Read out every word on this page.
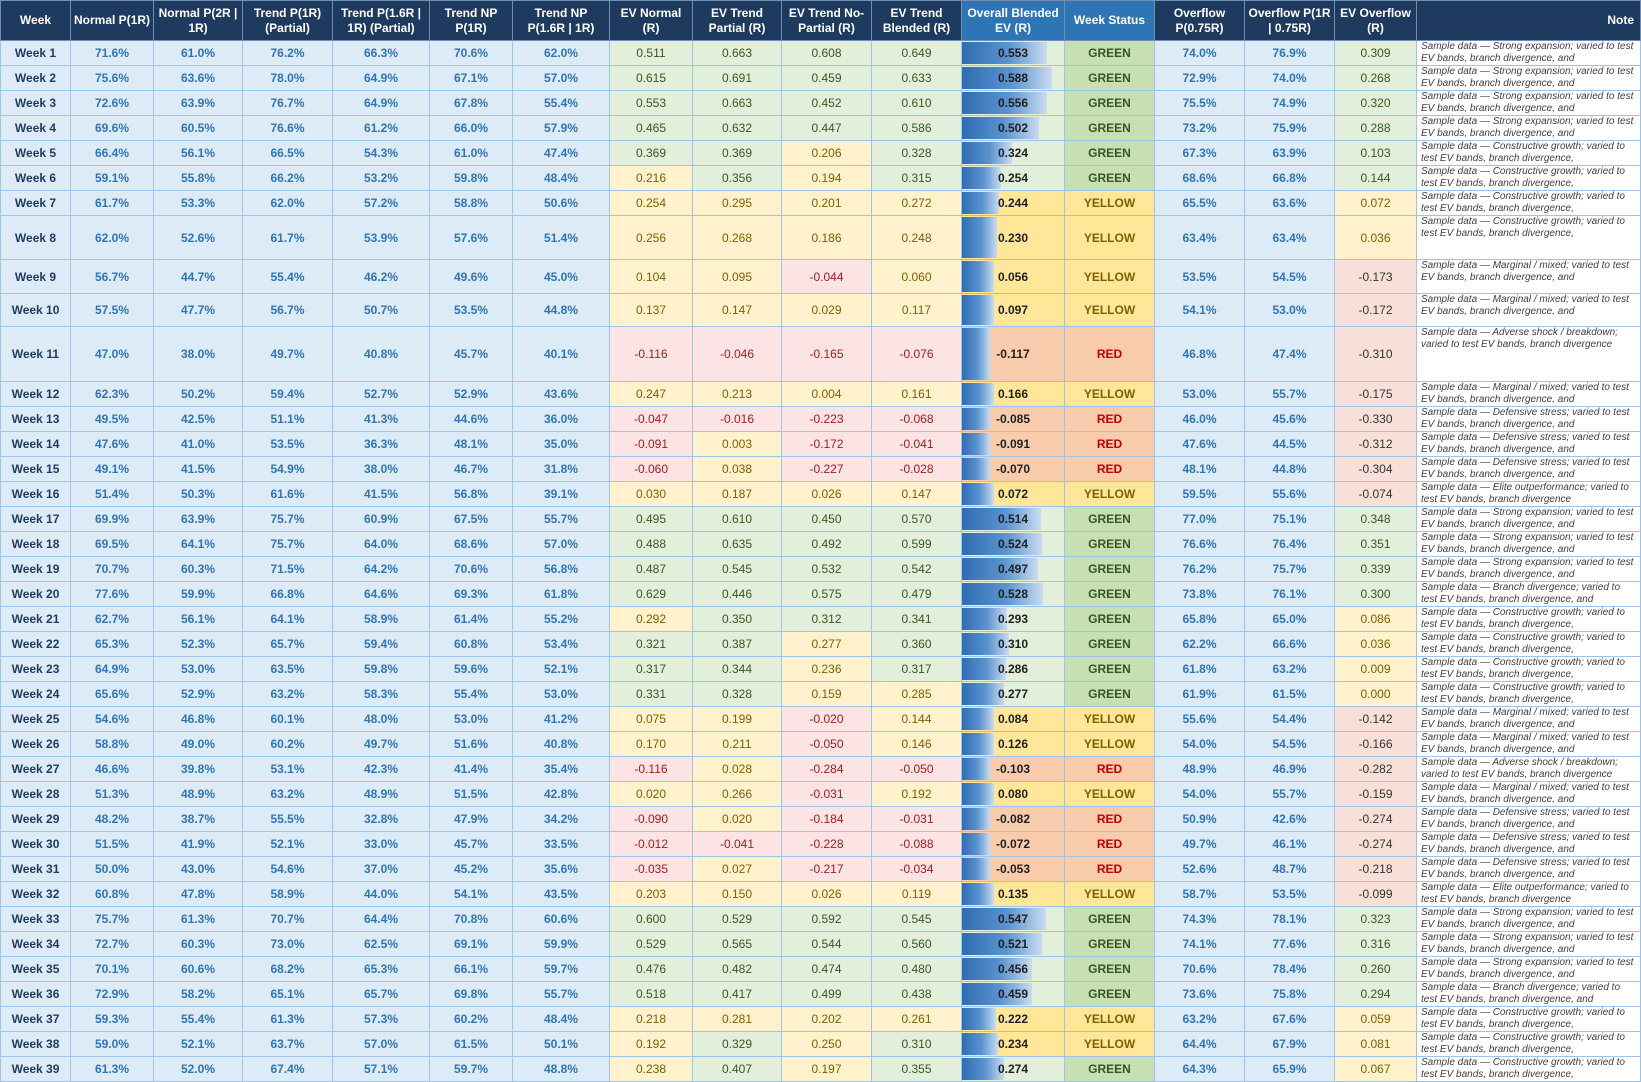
Week	Normal P(1R)	Normal P(2R | 1R)	Trend P(1R) (Partial)	Trend P(1.6R | 1R) (Partial)	Trend NP P(1R)	Trend NP P(1.6R | 1R)	EV Normal (R)	EV Trend Partial (R)	EV Trend No-Partial (R)	EV Trend Blended (R)	Overall Blended EV (R)	Week Status	Overflow P(0.75R)	Overflow P(1R | 0.75R)	EV Overflow (R)	Note
Week 1	71.6%	61.0%	76.2%	66.3%	70.6%	62.0%	0.511	0.663	0.608	0.649	0.553	GREEN	74.0%	76.9%	0.309	Sample data — Strong expansion; varied to test EV bands, branch divergence, and
Week 2	75.6%	63.6%	78.0%	64.9%	67.1%	57.0%	0.615	0.691	0.459	0.633	0.588	GREEN	72.9%	74.0%	0.268	Sample data — Strong expansion; varied to test EV bands, branch divergence, and
Week 3	72.6%	63.9%	76.7%	64.9%	67.8%	55.4%	0.553	0.663	0.452	0.610	0.556	GREEN	75.5%	74.9%	0.320	Sample data — Strong expansion; varied to test EV bands, branch divergence, and
Week 4	69.6%	60.5%	76.6%	61.2%	66.0%	57.9%	0.465	0.632	0.447	0.586	0.502	GREEN	73.2%	75.9%	0.288	Sample data — Strong expansion; varied to test EV bands, branch divergence, and
Week 5	66.4%	56.1%	66.5%	54.3%	61.0%	47.4%	0.369	0.369	0.206	0.328	0.324	GREEN	67.3%	63.9%	0.103	Sample data — Constructive growth; varied to test EV bands, branch divergence,
Week 6	59.1%	55.8%	66.2%	53.2%	59.8%	48.4%	0.216	0.356	0.194	0.315	0.254	GREEN	68.6%	66.8%	0.144	Sample data — Constructive growth; varied to test EV bands, branch divergence,
Week 7	61.7%	53.3%	62.0%	57.2%	58.8%	50.6%	0.254	0.295	0.201	0.272	0.244	YELLOW	65.5%	63.6%	0.072	Sample data — Constructive growth; varied to test EV bands, branch divergence,
Week 8	62.0%	52.6%	61.7%	53.9%	57.6%	51.4%	0.256	0.268	0.186	0.248	0.230	YELLOW	63.4%	63.4%	0.036	Sample data — Constructive growth; varied to test EV bands, branch divergence,
Week 9	56.7%	44.7%	55.4%	46.2%	49.6%	45.0%	0.104	0.095	-0.044	0.060	0.056	YELLOW	53.5%	54.5%	-0.173	Sample data — Marginal / mixed; varied to test EV bands, branch divergence, and
Week 10	57.5%	47.7%	56.7%	50.7%	53.5%	44.8%	0.137	0.147	0.029	0.117	0.097	YELLOW	54.1%	53.0%	-0.172	Sample data — Marginal / mixed; varied to test EV bands, branch divergence, and
Week 11	47.0%	38.0%	49.7%	40.8%	45.7%	40.1%	-0.116	-0.046	-0.165	-0.076	-0.117	RED	46.8%	47.4%	-0.310	Sample data — Adverse shock / breakdown; varied to test EV bands, branch divergence
Week 12	62.3%	50.2%	59.4%	52.7%	52.9%	43.6%	0.247	0.213	0.004	0.161	0.166	YELLOW	53.0%	55.7%	-0.175	Sample data — Marginal / mixed; varied to test EV bands, branch divergence, and
Week 13	49.5%	42.5%	51.1%	41.3%	44.6%	36.0%	-0.047	-0.016	-0.223	-0.068	-0.085	RED	46.0%	45.6%	-0.330	Sample data — Defensive stress; varied to test EV bands, branch divergence, and
Week 14	47.6%	41.0%	53.5%	36.3%	48.1%	35.0%	-0.091	0.003	-0.172	-0.041	-0.091	RED	47.6%	44.5%	-0.312	Sample data — Defensive stress; varied to test EV bands, branch divergence, and
Week 15	49.1%	41.5%	54.9%	38.0%	46.7%	31.8%	-0.060	0.038	-0.227	-0.028	-0.070	RED	48.1%	44.8%	-0.304	Sample data — Defensive stress; varied to test EV bands, branch divergence, and
Week 16	51.4%	50.3%	61.6%	41.5%	56.8%	39.1%	0.030	0.187	0.026	0.147	0.072	YELLOW	59.5%	55.6%	-0.074	Sample data — Elite outperformance; varied to test EV bands, branch divergence
Week 17	69.9%	63.9%	75.7%	60.9%	67.5%	55.7%	0.495	0.610	0.450	0.570	0.514	GREEN	77.0%	75.1%	0.348	Sample data — Strong expansion; varied to test EV bands, branch divergence, and
Week 18	69.5%	64.1%	75.7%	64.0%	68.6%	57.0%	0.488	0.635	0.492	0.599	0.524	GREEN	76.6%	76.4%	0.351	Sample data — Strong expansion; varied to test EV bands, branch divergence, and
Week 19	70.7%	60.3%	71.5%	64.2%	70.6%	56.8%	0.487	0.545	0.532	0.542	0.497	GREEN	76.2%	75.7%	0.339	Sample data — Strong expansion; varied to test EV bands, branch divergence, and
Week 20	77.6%	59.9%	66.8%	64.6%	69.3%	61.8%	0.629	0.446	0.575	0.479	0.528	GREEN	73.8%	76.1%	0.300	Sample data — Branch divergence; varied to test EV bands, branch divergence, and
Week 21	62.7%	56.1%	64.1%	58.9%	61.4%	55.2%	0.292	0.350	0.312	0.341	0.293	GREEN	65.8%	65.0%	0.086	Sample data — Constructive growth; varied to test EV bands, branch divergence,
Week 22	65.3%	52.3%	65.7%	59.4%	60.8%	53.4%	0.321	0.387	0.277	0.360	0.310	GREEN	62.2%	66.6%	0.036	Sample data — Constructive growth; varied to test EV bands, branch divergence,
Week 23	64.9%	53.0%	63.5%	59.8%	59.6%	52.1%	0.317	0.344	0.236	0.317	0.286	GREEN	61.8%	63.2%	0.009	Sample data — Constructive growth; varied to test EV bands, branch divergence,
Week 24	65.6%	52.9%	63.2%	58.3%	55.4%	53.0%	0.331	0.328	0.159	0.285	0.277	GREEN	61.9%	61.5%	0.000	Sample data — Constructive growth; varied to test EV bands, branch divergence,
Week 25	54.6%	46.8%	60.1%	48.0%	53.0%	41.2%	0.075	0.199	-0.020	0.144	0.084	YELLOW	55.6%	54.4%	-0.142	Sample data — Marginal / mixed; varied to test EV bands, branch divergence, and
Week 26	58.8%	49.0%	60.2%	49.7%	51.6%	40.8%	0.170	0.211	-0.050	0.146	0.126	YELLOW	54.0%	54.5%	-0.166	Sample data — Marginal / mixed; varied to test EV bands, branch divergence, and
Week 27	46.6%	39.8%	53.1%	42.3%	41.4%	35.4%	-0.116	0.028	-0.284	-0.050	-0.103	RED	48.9%	46.9%	-0.282	Sample data — Adverse shock / breakdown; varied to test EV bands, branch divergence
Week 28	51.3%	48.9%	63.2%	48.9%	51.5%	42.8%	0.020	0.266	-0.031	0.192	0.080	YELLOW	54.0%	55.7%	-0.159	Sample data — Marginal / mixed; varied to test EV bands, branch divergence, and
Week 29	48.2%	38.7%	55.5%	32.8%	47.9%	34.2%	-0.090	0.020	-0.184	-0.031	-0.082	RED	50.9%	42.6%	-0.274	Sample data — Defensive stress; varied to test EV bands, branch divergence, and
Week 30	51.5%	41.9%	52.1%	33.0%	45.7%	33.5%	-0.012	-0.041	-0.228	-0.088	-0.072	RED	49.7%	46.1%	-0.274	Sample data — Defensive stress; varied to test EV bands, branch divergence, and
Week 31	50.0%	43.0%	54.6%	37.0%	45.2%	35.6%	-0.035	0.027	-0.217	-0.034	-0.053	RED	52.6%	48.7%	-0.218	Sample data — Defensive stress; varied to test EV bands, branch divergence, and
Week 32	60.8%	47.8%	58.9%	44.0%	54.1%	43.5%	0.203	0.150	0.026	0.119	0.135	YELLOW	58.7%	53.5%	-0.099	Sample data — Elite outperformance; varied to test EV bands, branch divergence
Week 33	75.7%	61.3%	70.7%	64.4%	70.8%	60.6%	0.600	0.529	0.592	0.545	0.547	GREEN	74.3%	78.1%	0.323	Sample data — Strong expansion; varied to test EV bands, branch divergence, and
Week 34	72.7%	60.3%	73.0%	62.5%	69.1%	59.9%	0.529	0.565	0.544	0.560	0.521	GREEN	74.1%	77.6%	0.316	Sample data — Strong expansion; varied to test EV bands, branch divergence, and
Week 35	70.1%	60.6%	68.2%	65.3%	66.1%	59.7%	0.476	0.482	0.474	0.480	0.456	GREEN	70.6%	78.4%	0.260	Sample data — Strong expansion; varied to test EV bands, branch divergence, and
Week 36	72.9%	58.2%	65.1%	65.7%	69.8%	55.7%	0.518	0.417	0.499	0.438	0.459	GREEN	73.6%	75.8%	0.294	Sample data — Branch divergence; varied to test EV bands, branch divergence, and
Week 37	59.3%	55.4%	61.3%	57.3%	60.2%	48.4%	0.218	0.281	0.202	0.261	0.222	YELLOW	63.2%	67.6%	0.059	Sample data — Constructive growth; varied to test EV bands, branch divergence,
Week 38	59.0%	52.1%	63.7%	57.0%	61.5%	50.1%	0.192	0.329	0.250	0.310	0.234	YELLOW	64.4%	67.9%	0.081	Sample data — Constructive growth; varied to test EV bands, branch divergence,
Week 39	61.3%	52.0%	67.4%	57.1%	59.7%	48.8%	0.238	0.407	0.197	0.355	0.274	GREEN	64.3%	65.9%	0.067	Sample data — Constructive growth; varied to test EV bands, branch divergence,
